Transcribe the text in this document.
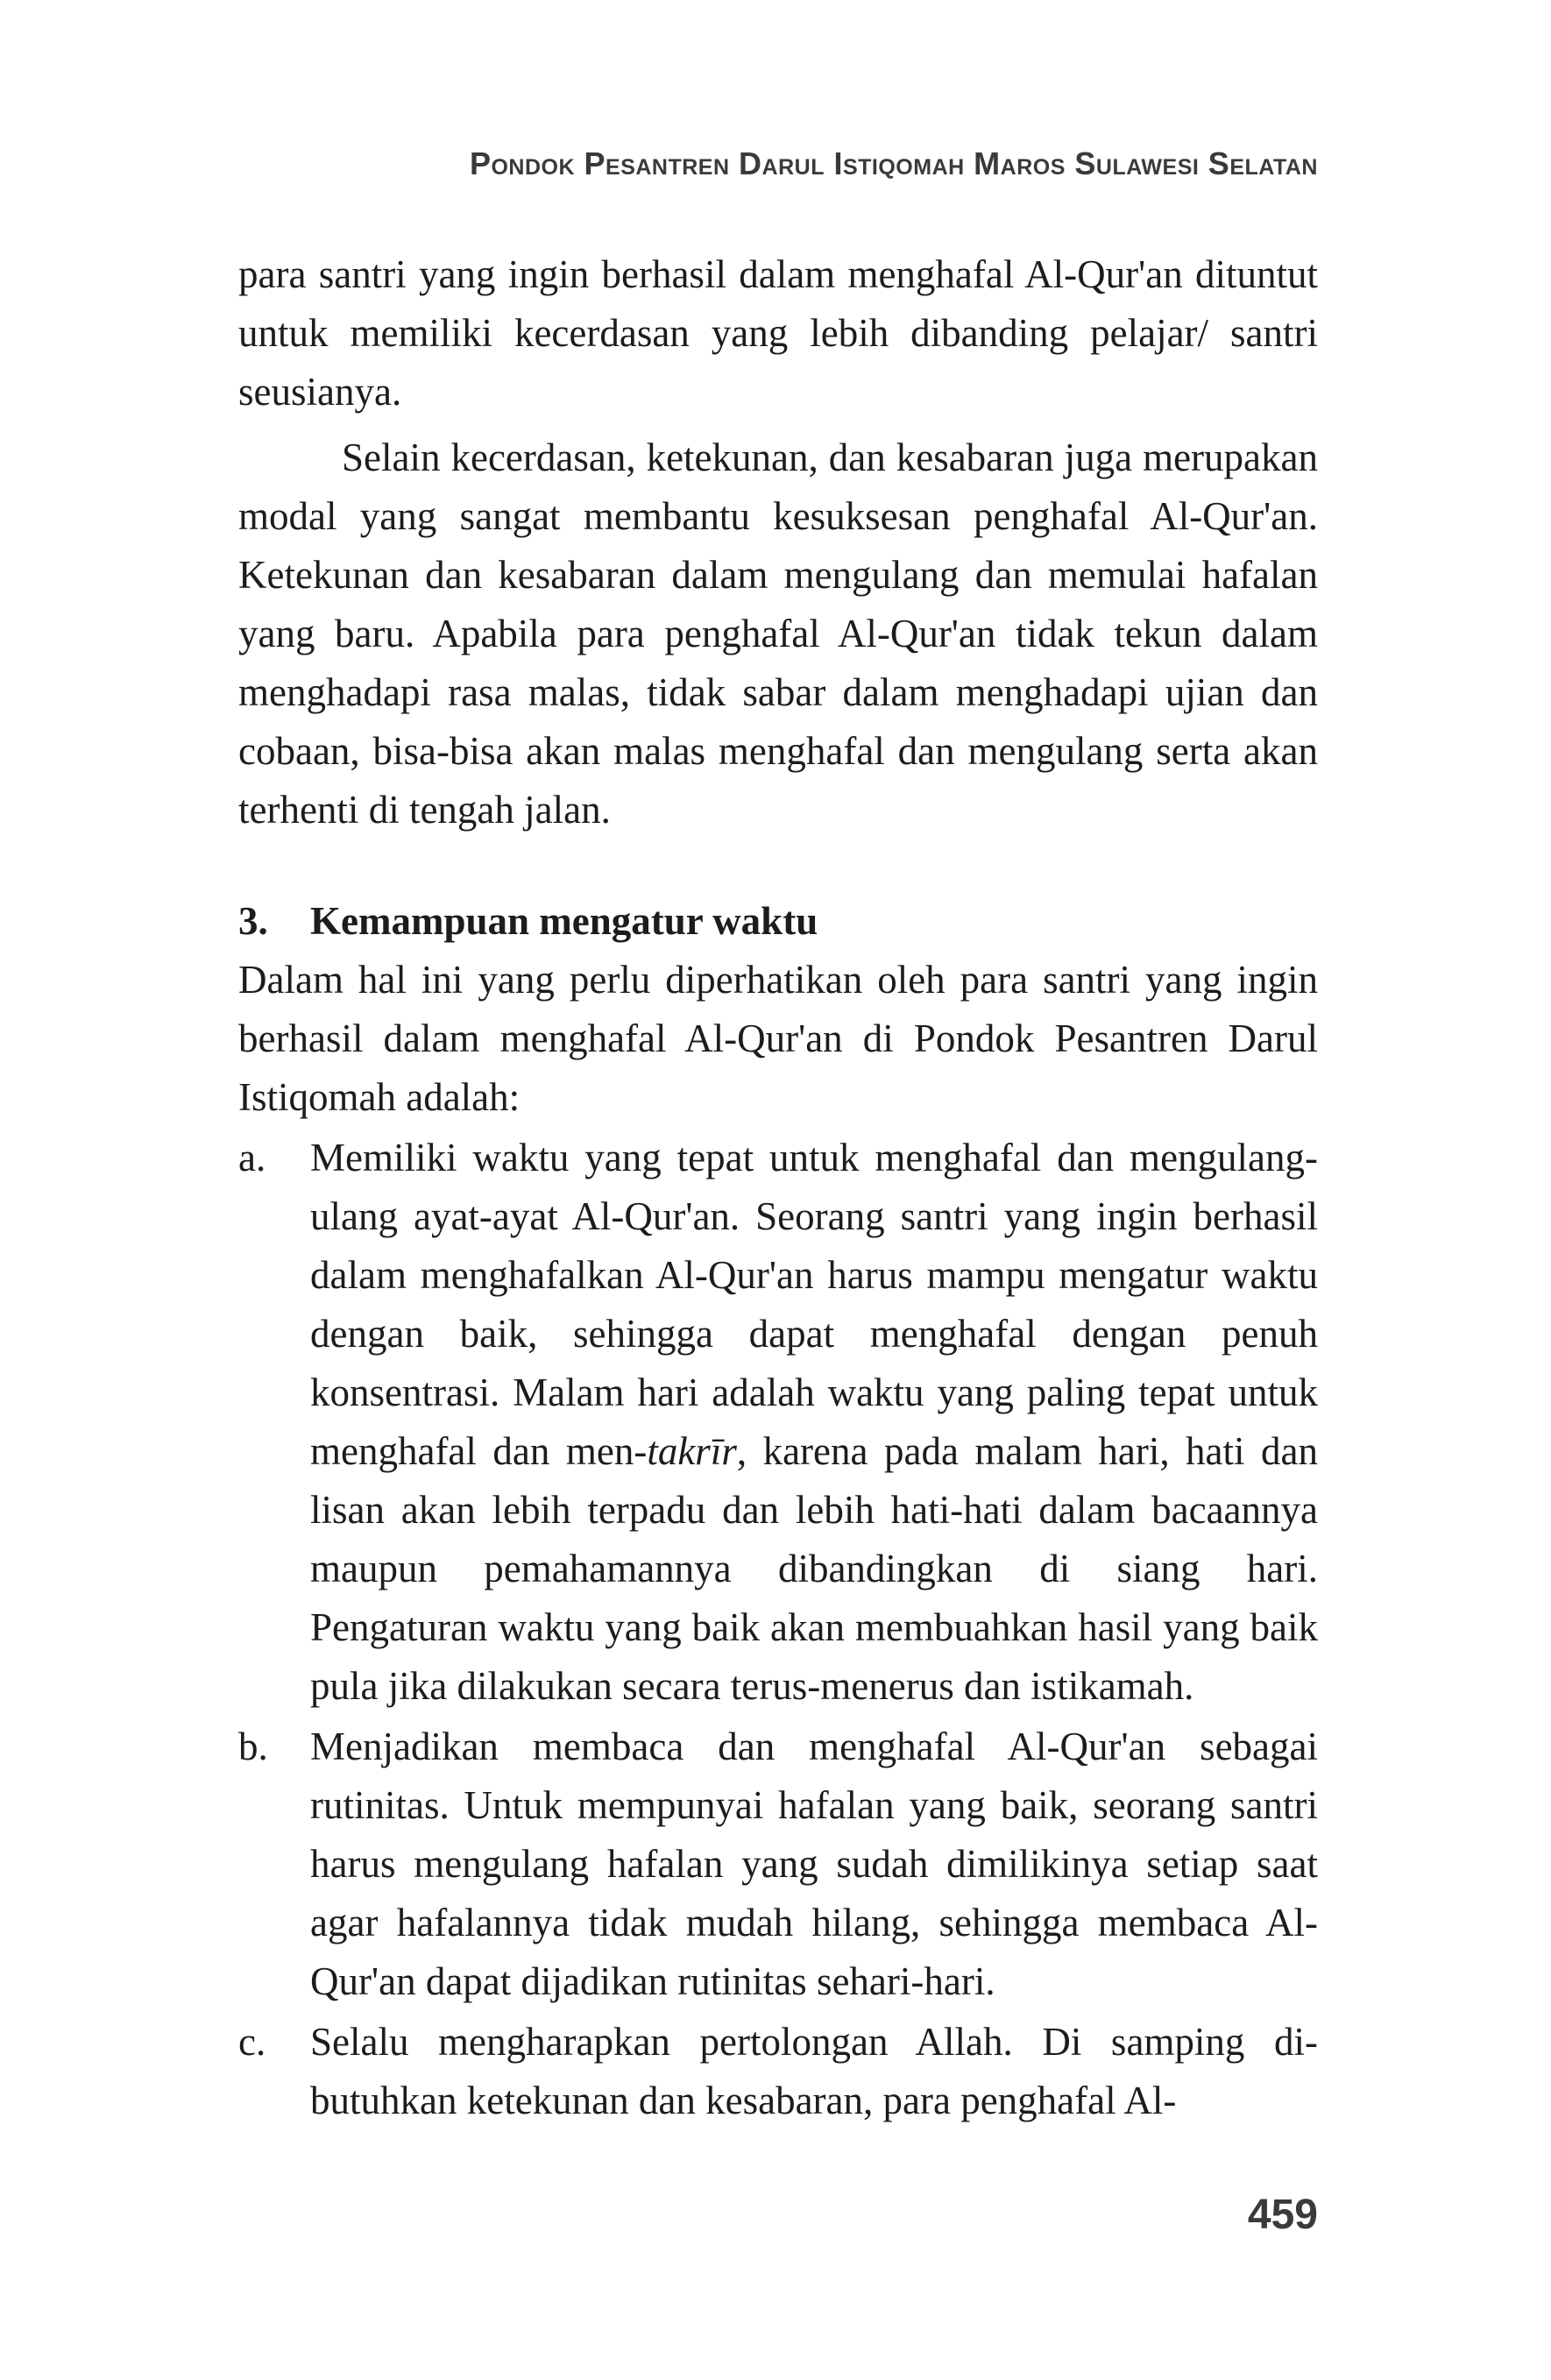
Pondok Pesantren Darul Istiqomah Maros Sulawesi Selatan

para santri yang ingin berhasil dalam menghafal Al-Qur'an dituntut untuk memiliki kecerdasan yang lebih dibanding pelajar/ santri seusianya.

Selain kecerdasan, ketekunan, dan kesabaran juga merupakan modal yang sangat membantu kesuksesan penghafal Al-Qur'an. Ketekunan dan kesabaran dalam mengulang dan memulai hafalan yang baru. Apabila para penghafal Al-Qur'an tidak tekun dalam menghadapi rasa malas, tidak sabar dalam menghadapi ujian dan cobaan, bisa-bisa akan malas menghafal dan mengulang serta akan terhenti di tengah jalan.

3.	Kemampuan mengatur waktu

Dalam hal ini yang perlu diperhatikan oleh para santri yang ingin berhasil dalam menghafal Al-Qur'an di Pondok Pesantren Darul Istiqomah adalah:

a.	Memiliki waktu yang tepat untuk menghafal dan mengulang-ulang ayat-ayat Al-Qur'an. Seorang santri yang ingin berhasil dalam menghafalkan Al-Qur'an harus mampu mengatur waktu dengan baik, sehingga dapat menghafal dengan penuh konsentrasi. Malam hari adalah waktu yang paling tepat untuk menghafal dan men-takrīr, karena pada malam hari, hati dan lisan akan lebih terpadu dan lebih hati-hati dalam bacaannya maupun pemahamannya dibandingkan di siang hari. Pengaturan waktu yang baik akan membuahkan hasil yang baik pula jika dilakukan secara terus-menerus dan istikamah.
b.	Menjadikan membaca dan menghafal Al-Qur'an sebagai rutinitas. Untuk mempunyai hafalan yang baik, seorang santri harus mengulang hafalan yang sudah dimilikinya setiap saat agar hafalannya tidak mudah hilang, sehingga membaca Al-Qur'an dapat dijadikan rutinitas sehari-hari.
c.	Selalu mengharapkan pertolongan Allah. Di samping dibutuhkan ketekunan dan kesabaran, para penghafal Al-
459
